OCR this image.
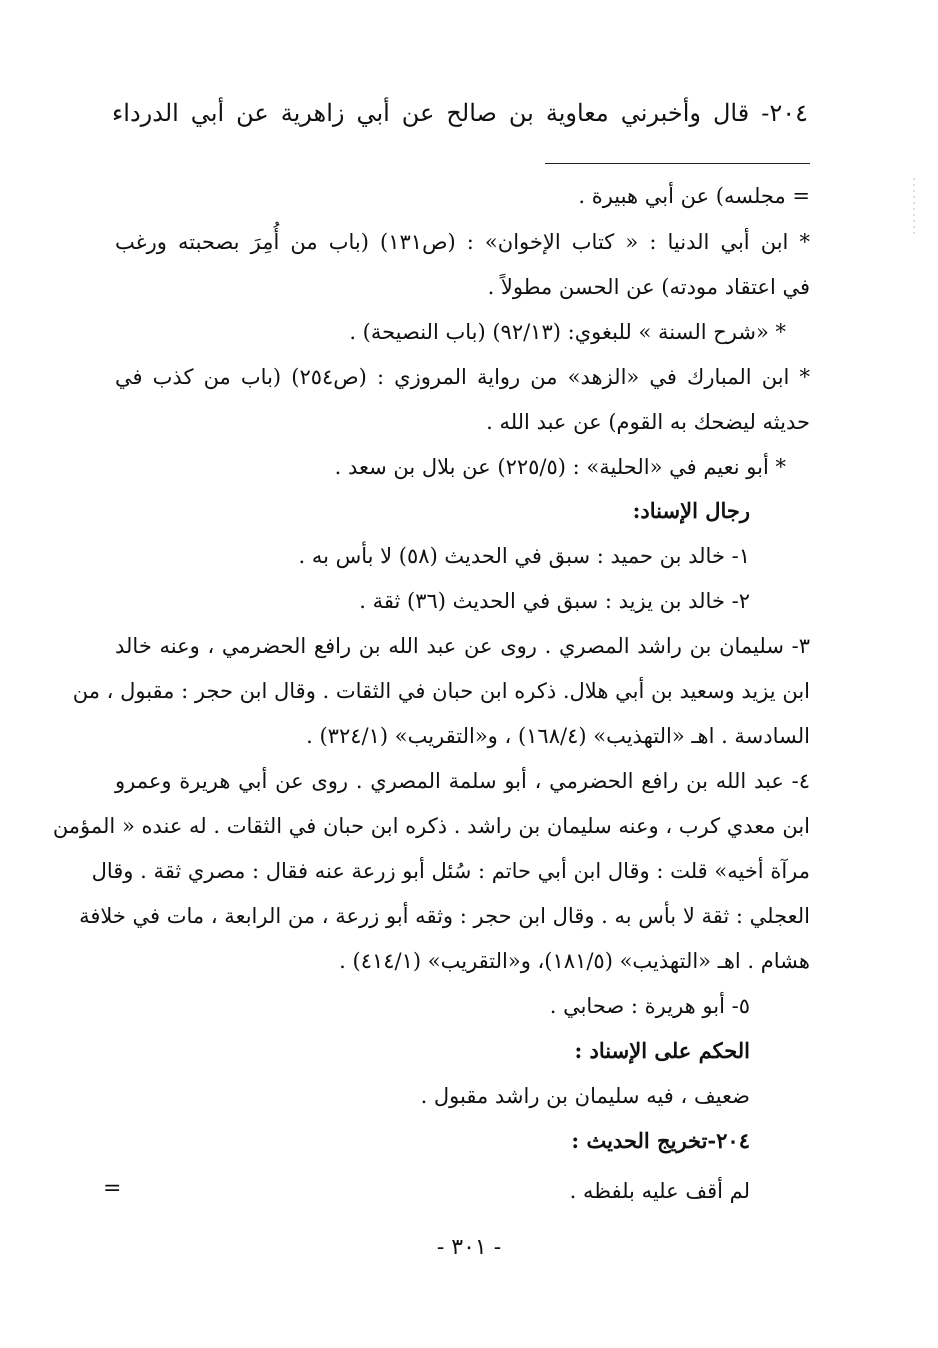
٢٠٤- قال وأخبرني معاوية بن صالح عن أبي زاهرية عن أبي الدرداء
= مجلسه) عن أبي هبيرة .
* ابن أبي الدنيا : « كتاب الإخوان» : (ص١٣١) (باب من أُمِرَ بصحبته ورغب
في اعتقاد مودته) عن الحسن مطولاً .
* «شرح السنة » للبغوي: (٩٢/١٣) (باب النصيحة) .
* ابن المبارك في «الزهد» من رواية المروزي : (ص٢٥٤) (باب من كذب في
حديثه ليضحك به القوم) عن عبد الله .
* أبو نعيم في «الحلية» : (٢٢٥/٥) عن بلال بن سعد .
رجال الإسناد:
١- خالد بن حميد : سبق في الحديث (٥٨) لا بأس به .
٢- خالد بن يزيد : سبق في الحديث (٣٦) ثقة .
٣- سليمان بن راشد المصري . روى عن عبد الله بن رافع الحضرمي ، وعنه خالد
ابن يزيد وسعيد بن أبي هلال. ذكره ابن حبان في الثقات . وقال ابن حجر : مقبول ، من
السادسة . اهـ «التهذيب» (١٦٨/٤) ، و«التقريب» (٣٢٤/١) .
٤- عبد الله بن رافع الحضرمي ، أبو سلمة المصري . روى عن أبي هريرة وعمرو
ابن معدي كرب ، وعنه سليمان بن راشد . ذكره ابن حبان في الثقات . له عنده « المؤمن
مرآة أخيه» قلت : وقال ابن أبي حاتم : سُئل أبو زرعة عنه فقال : مصري ثقة . وقال
العجلي : ثقة لا بأس به . وقال ابن حجر : وثقه أبو زرعة ، من الرابعة ، مات في خلافة
هشام . اهـ «التهذيب» (١٨١/٥)، و«التقريب» (٤١٤/١) .
٥- أبو هريرة : صحابي .
الحكم على الإسناد :
ضعيف ، فيه سليمان بن راشد مقبول .
٢٠٤-تخريج الحديث :
لم أقف عليه بلفظه .
=
- ٣٠١ -
